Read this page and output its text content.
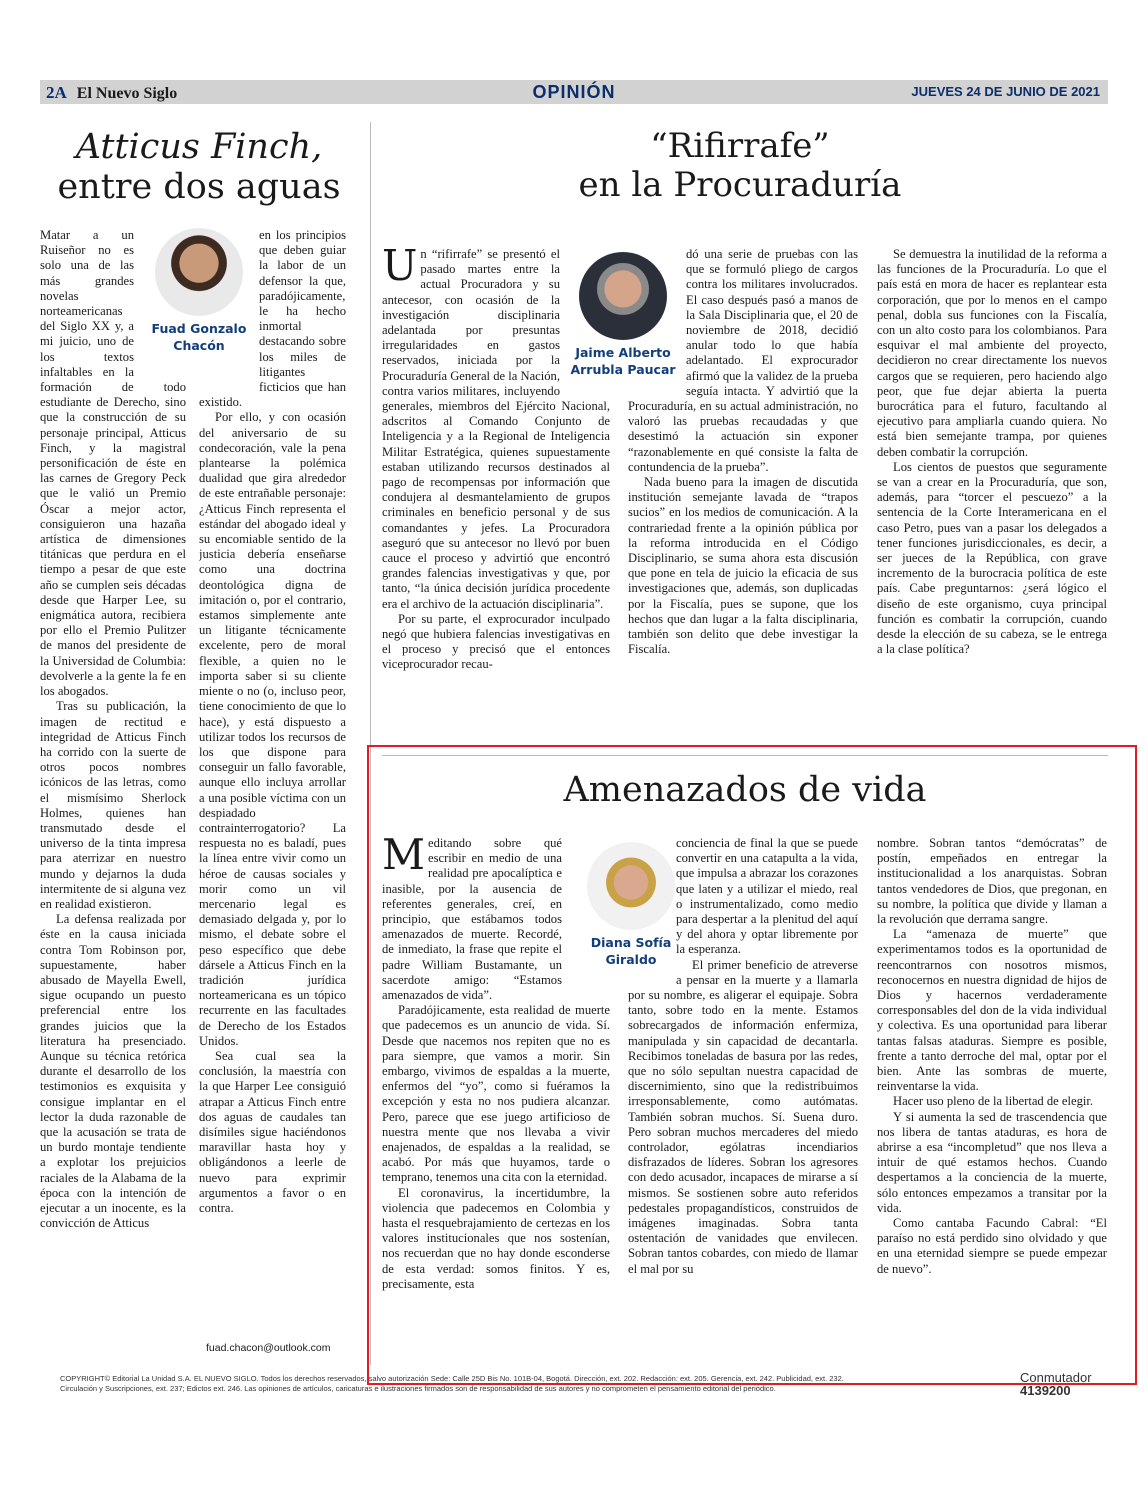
2A El Nuevo Siglo	OPINIÓN	JUEVES 24 DE JUNIO DE 2021
Atticus Finch,
entre dos aguas
Fuad Gonzalo
Chacón

Matar a un Ruiseñor no es solo una de las más grandes novelas norteamericanas del Siglo XX y, a mi juicio, uno de los textos infaltables en la formación de todo estudiante de Derecho, sino que la construcción de su personaje principal, Atticus Finch, y la magistral personificación de éste en las carnes de Gregory Peck que le valió un Premio Óscar a mejor actor, consiguieron una hazaña artística de dimensiones titánicas que perdura en el tiempo a pesar de que este año se cumplen seis décadas desde que Harper Lee, su enigmática autora, recibiera por ello el Premio Pulitzer de manos del presidente de la Universidad de Columbia: devolverle a la gente la fe en los abogados.

Tras su publicación, la imagen de rectitud e integridad de Atticus Finch ha corrido con la suerte de otros pocos nombres icónicos de las letras, como el mismísimo Sherlock Holmes, quienes han transmutado desde el universo de la tinta impresa para aterrizar en nuestro mundo y dejarnos la duda intermitente de si alguna vez en realidad existieron.

La defensa realizada por éste en la causa iniciada contra Tom Robinson por, supuestamente, haber abusado de Mayella Ewell, sigue ocupando un puesto preferencial entre los grandes juicios que la literatura ha presenciado. Aunque su técnica retórica durante el desarrollo de los testimonios es exquisita y consigue implantar en el lector la duda razonable de que la acusación se trata de un burdo montaje tendiente a explotar los prejuicios raciales de la Alabama de la época con la intención de ejecutar a un inocente, es la convicción de Atticus

en los principios que deben guiar la labor de un defensor la que, paradójicamente, le ha hecho inmortal destacando sobre los miles de litigantes ficticios que han existido.

Por ello, y con ocasión del aniversario de su condecoración, vale la pena plantearse la polémica dualidad que gira alrededor de este entrañable personaje: ¿Atticus Finch representa el estándar del abogado ideal y su encomiable sentido de la justicia debería enseñarse como una doctrina deontológica digna de imitación o, por el contrario, estamos simplemente ante un litigante técnicamente excelente, pero de moral flexible, a quien no le importa saber si su cliente miente o no (o, incluso peor, tiene conocimiento de que lo hace), y está dispuesto a utilizar todos los recursos de los que dispone para conseguir un fallo favorable, aunque ello incluya arrollar a una posible víctima con un despiadado contrainterrogatorio? La respuesta no es baladí, pues la línea entre vivir como un héroe de causas sociales y morir como un vil mercenario legal es demasiado delgada y, por lo mismo, el debate sobre el peso específico que debe dársele a Atticus Finch en la tradición jurídica norteamericana es un tópico recurrente en las facultades de Derecho de los Estados Unidos.

Sea cual sea la conclusión, la maestría con la que Harper Lee consiguió atrapar a Atticus Finch entre dos aguas de caudales tan disímiles sigue haciéndonos maravillar hasta hoy y obligándonos a leerle de nuevo para exprimir argumentos a favor o en contra.

fuad.chacon@outlook.com
“Rifirrafe”
en la Procuraduría
Jaime Alberto
Arrubla Paucar

Un “rifirrafe” se presentó el pasado martes entre la actual Procuradora y su antecesor, con ocasión de la investigación disciplinaria adelantada por presuntas irregularidades en gastos reservados, iniciada por la Procuraduría General de la Nación, contra varios militares, incluyendo generales, miembros del Ejército Nacional, adscritos al Comando Conjunto de Inteligencia y a la Regional de Inteligencia Militar Estratégica, quienes supuestamente estaban utilizando recursos destinados al pago de recompensas por información que condujera al desmantelamiento de grupos criminales en beneficio personal y de sus comandantes y jefes. La Procuradora aseguró que su antecesor no llevó por buen cauce el proceso y advirtió que encontró grandes falencias investigativas y que, por tanto, “la única decisión jurídica procedente era el archivo de la actuación disciplinaria”.

Por su parte, el exprocurador inculpado negó que hubiera falencias investigativas en el proceso y precisó que el entonces viceprocurador recau-

dó una serie de pruebas con las que se formuló pliego de cargos contra los militares involucrados. El caso después pasó a manos de la Sala Disciplinaria que, el 20 de noviembre de 2018, decidió anular todo lo que había adelantado. El exprocurador afirmó que la validez de la prueba seguía intacta. Y advirtió que la Procuraduría, en su actual administración, no valoró las pruebas recaudadas y que desestimó la actuación sin exponer “razonablemente en qué consiste la falta de contundencia de la prueba”.

Nada bueno para la imagen de discutida institución semejante lavada de “trapos sucios” en los medios de comunicación. A la contrariedad frente a la opinión pública por la reforma introducida en el Código Disciplinario, se suma ahora esta discusión que pone en tela de juicio la eficacia de sus investigaciones que, además, son duplicadas por la Fiscalía, pues se supone, que los hechos que dan lugar a la falta disciplinaria, también son delito que debe investigar la Fiscalía.

Se demuestra la inutilidad de la reforma a las funciones de la Procuraduría. Lo que el país está en mora de hacer es replantear esta corporación, que por lo menos en el campo penal, dobla sus funciones con la Fiscalía, con un alto costo para los colombianos. Para esquivar el mal ambiente del proyecto, decidieron no crear directamente los nuevos cargos que se requieren, pero haciendo algo peor, que fue dejar abierta la puerta burocrática para el futuro, facultando al ejecutivo para ampliarla cuando quiera. No está bien semejante trampa, por quienes deben combatir la corrupción.

Los cientos de puestos que seguramente se van a crear en la Procuraduría, que son, además, para “torcer el pescuezo” a la sentencia de la Corte Interamericana en el caso Petro, pues van a pasar los delegados a tener funciones jurisdiccionales, es decir, a ser jueces de la República, con grave incremento de la burocracia política de este país. Cabe preguntarnos: ¿será lógico el diseño de este organismo, cuya principal función es combatir la corrupción, cuando desde la elección de su cabeza, se le entrega a la clase política?

Amenazados de vida
Diana Sofía
Giraldo

Meditando sobre qué escribir en medio de una realidad pre apocalíptica e inasible, por la ausencia de referentes generales, creí, en principio, que estábamos todos amenazados de muerte. Recordé, de inmediato, la frase que repite el padre William Bustamante, un sacerdote amigo: “Estamos amenazados de vida”.

Paradójicamente, esta realidad de muerte que padecemos es un anuncio de vida. Sí. Desde que nacemos nos repiten que no es para siempre, que vamos a morir. Sin embargo, vivimos de espaldas a la muerte, enfermos del “yo”, como si fuéramos la excepción y esta no nos pudiera alcanzar. Pero, parece que ese juego artificioso de nuestra mente que nos llevaba a vivir enajenados, de espaldas a la realidad, se acabó. Por más que huyamos, tarde o temprano, tenemos una cita con la eternidad.

El coronavirus, la incertidumbre, la violencia que padecemos en Colombia y hasta el resquebrajamiento de certezas en los valores institucionales que nos sostenían, nos recuerdan que no hay donde esconderse de esta verdad: somos finitos. Y es, precisamente, esta

conciencia de final la que se puede convertir en una catapulta a la vida, que impulsa a abrazar los corazones que laten y a utilizar el miedo, real o instrumentalizado, como medio para despertar a la plenitud del aquí y del ahora y optar libremente por la esperanza.

El primer beneficio de atreverse a pensar en la muerte y a llamarla por su nombre, es aligerar el equipaje. Sobra tanto, sobre todo en la mente. Estamos sobrecargados de información enfermiza, manipulada y sin capacidad de decantarla. Recibimos toneladas de basura por las redes, que no sólo sepultan nuestra capacidad de discernimiento, sino que la redistribuimos irresponsablemente, como autómatas. También sobran muchos. Sí. Suena duro. Pero sobran muchos mercaderes del miedo controlador, ególatras incendiarios disfrazados de líderes. Sobran los agresores con dedo acusador, incapaces de mirarse a sí mismos. Se sostienen sobre auto referidos pedestales propagandísticos, construidos de imágenes imaginadas. Sobra tanta ostentación de vanidades que envilecen. Sobran tantos cobardes, con miedo de llamar el mal por su

nombre. Sobran tantos “demócratas” de postín, empeñados en entregar la institucionalidad a los anarquistas. Sobran tantos vendedores de Dios, que pregonan, en su nombre, la política que divide y llaman a la revolución que derrama sangre.

La “amenaza de muerte” que experimentamos todos es la oportunidad de reencontrarnos con nosotros mismos, reconocernos en nuestra dignidad de hijos de Dios y hacernos verdaderamente corresponsables del don de la vida individual y colectiva. Es una oportunidad para liberar tantas falsas ataduras. Siempre es posible, frente a tanto derroche del mal, optar por el bien. Ante las sombras de muerte, reinventarse la vida.

Hacer uso pleno de la libertad de elegir.

Y si aumenta la sed de trascendencia que nos libera de tantas ataduras, es hora de abrirse a esa “incompletud” que nos lleva a intuir de qué estamos hechos. Cuando despertamos a la conciencia de la muerte, sólo entonces empezamos a transitar por la vida.

Como cantaba Facundo Cabral: “El paraíso no está perdido sino olvidado y que en una eternidad siempre se puede empezar de nuevo”.

COPYRIGHT© Editorial La Unidad S.A. EL NUEVO SIGLO. Todos los derechos reservados, salvo autorización Sede: Calle 25D Bis No. 101B-04, Bogotá. Dirección, ext. 202. Redacción: ext. 205. Gerencia, ext. 242. Publicidad, ext. 232.
Circulación y Suscripciones, ext. 237; Edictos ext. 246. Las opiniones de artículos, caricaturas e ilustraciones firmados son de responsabilidad de sus autores y no comprometen el pensamiento editorial del periódico.
Conmutador
4139200
